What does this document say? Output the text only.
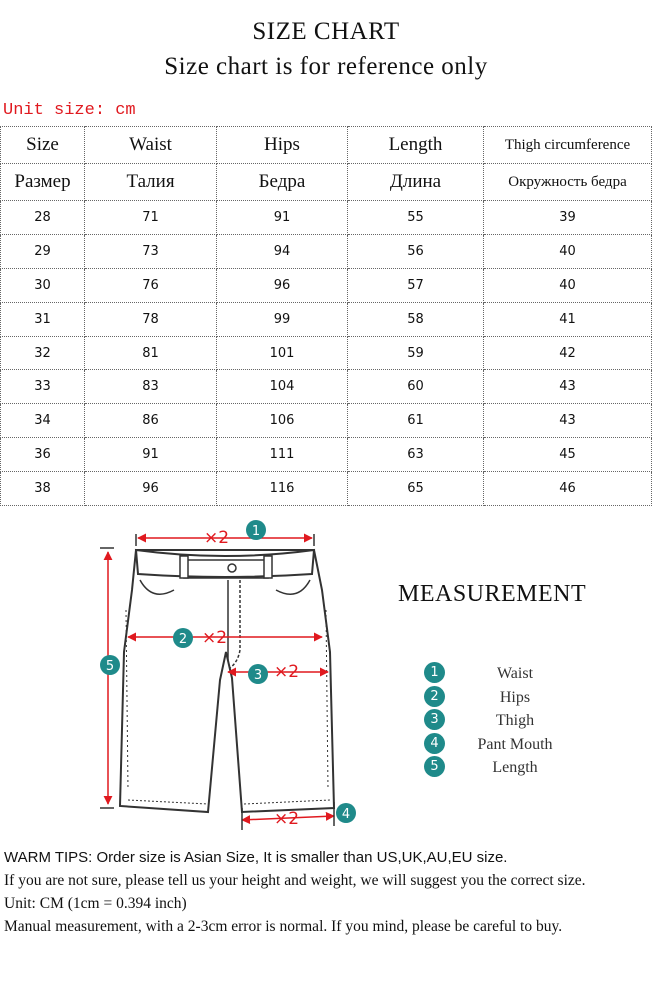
SIZE CHART
Size chart is for reference only
Unit size: cm
Size	Waist	Hips	Length	Thigh circumference
Размер	Талия	Бедра	Длина	Окружность бедра
28	71	91	55	39
29	73	94	56	40
30	76	96	57	40
31	78	99	58	41
32	81	101	59	42
33	83	104	60	43
34	86	106	61	43
36	91	111	63	45
38	96	116	65	46
×2 1
2 ×2
3 ×2
4
×2
5
MEASUREMENT
1	Waist
2	Hips
3	Thigh
4	Pant Mouth
5	Length

WARM TIPS: Order size is Asian Size, It is smaller than US,UK,AU,EU size.

If you are not sure, please tell us your height and weight, we will suggest you the correct size.

Unit: CM (1cm = 0.394 inch)

Manual measurement, with a 2-3cm error is normal. If you mind, please be careful to buy.
